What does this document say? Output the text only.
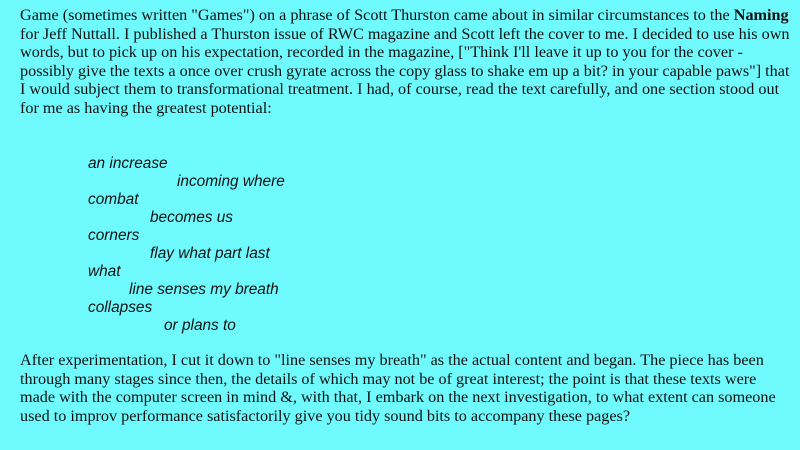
Game (sometimes written "Games") on a phrase of Scott Thurston came about in similar circumstances to the Naming for Jeff Nuttall. I published a Thurston issue of RWC magazine and Scott left the cover to me. I decided to use his own words, but to pick up on his expectation, recorded in the magazine, ["Think I'll leave it up to you for the cover - possibly give the texts a once over crush gyrate across the copy glass to shake em up a bit? in your capable paws"] that I would subject them to transformational treatment. I had, of course, read the text carefully, and one section stood out for me as having the greatest potential:

an increase
incoming where
combat
becomes us
corners
flay what part last
what
line senses my breath
collapses
or plans to

After experimentation, I cut it down to "line senses my breath" as the actual content and began. The piece has been through many stages since then, the details of which may not be of great interest; the point is that these texts were made with the computer screen in mind &, with that, I embark on the next investigation, to what extent can someone used to improv performance satisfactorily give you tidy sound bits to accompany these pages?
